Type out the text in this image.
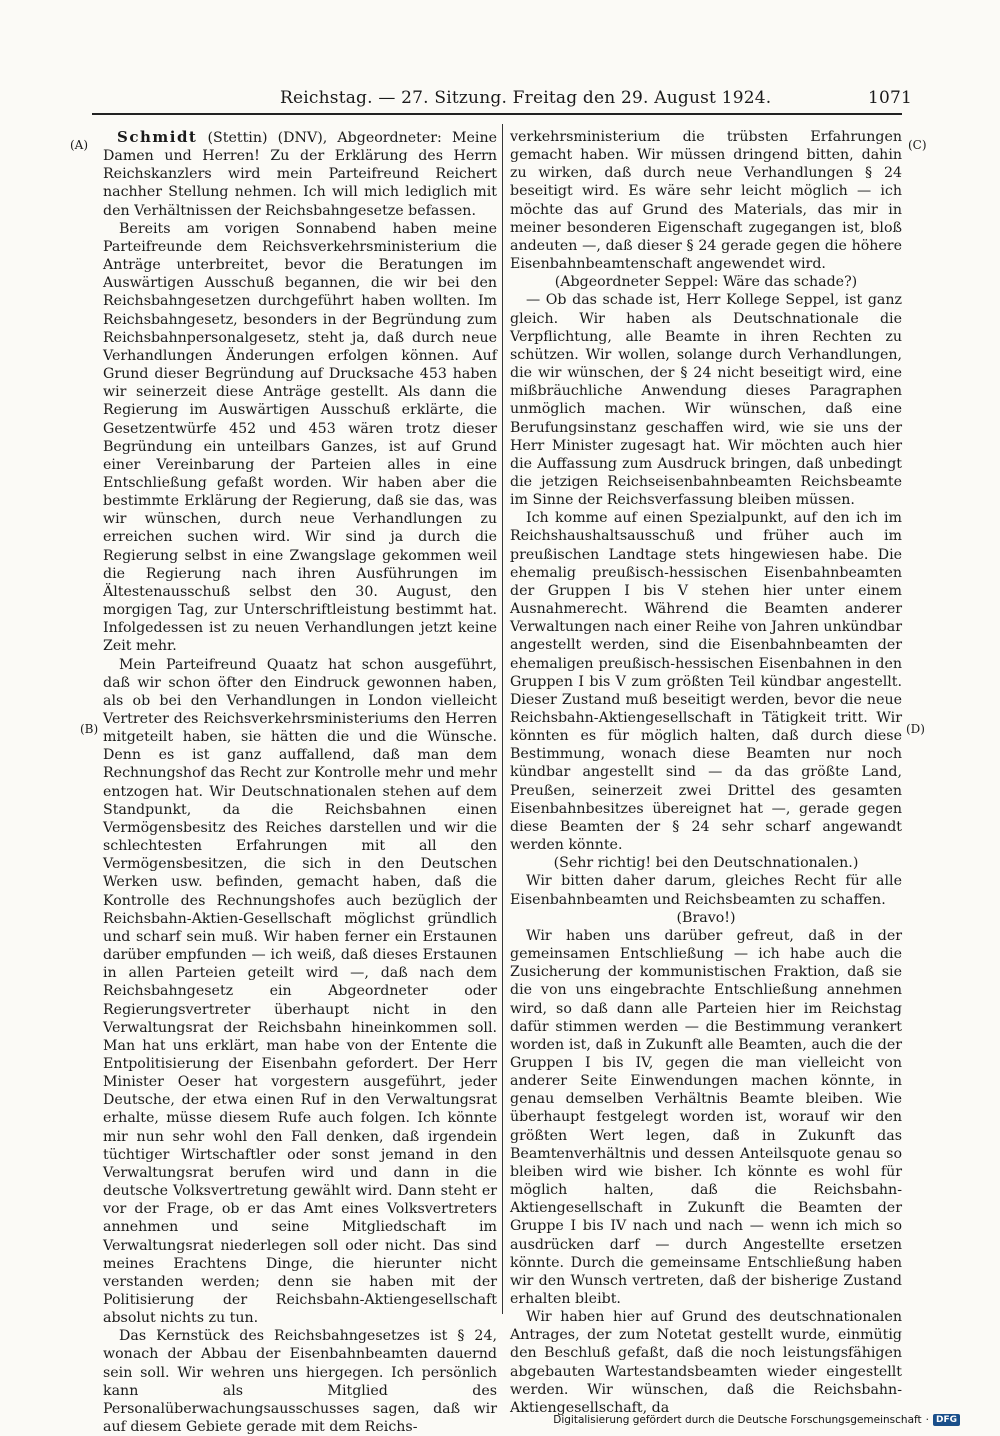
Reichstag. — 27. Sitzung. Freitag den 29. August 1924.	1071
(A)
(B)
(C)
(D)

Schmidt (Stettin) (DNV), Abgeordneter: Meine Damen und Herren! Zu der Erklärung des Herrn Reichskanzlers wird mein Parteifreund Reichert nachher Stellung nehmen. Ich will mich lediglich mit den Verhältnissen der Reichsbahngesetze befassen.

Bereits am vorigen Sonnabend haben meine Parteifreunde dem Reichsverkehrsministerium die Anträge unterbreitet, bevor die Beratungen im Auswärtigen Ausschuß begannen, die wir bei den Reichsbahngesetzen durchgeführt haben wollten. Im Reichsbahngesetz, besonders in der Begründung zum Reichsbahnpersonalgesetz, steht ja, daß durch neue Verhandlungen Änderungen erfolgen können. Auf Grund dieser Begründung auf Drucksache 453 haben wir seinerzeit diese Anträge gestellt. Als dann die Regierung im Auswärtigen Ausschuß erklärte, die Gesetzentwürfe 452 und 453 wären trotz dieser Begründung ein unteilbars Ganzes, ist auf Grund einer Vereinbarung der Parteien alles in eine Entschließung gefaßt worden. Wir haben aber die bestimmte Erklärung der Regierung, daß sie das, was wir wünschen, durch neue Verhandlungen zu erreichen suchen wird. Wir sind ja durch die Regierung selbst in eine Zwangslage gekommen weil die Regierung nach ihren Ausführungen im Ältestenausschuß selbst den 30. August, den morgigen Tag, zur Unterschriftleistung bestimmt hat. Infolgedessen ist zu neuen Verhandlungen jetzt keine Zeit mehr.

Mein Parteifreund Quaatz hat schon ausgeführt, daß wir schon öfter den Eindruck gewonnen haben, als ob bei den Verhandlungen in London vielleicht Vertreter des Reichsverkehrsministeriums den Herren mitgeteilt haben, sie hätten die und die Wünsche. Denn es ist ganz auffallend, daß man dem Rechnungshof das Recht zur Kontrolle mehr und mehr entzogen hat. Wir Deutschnationalen stehen auf dem Standpunkt, da die Reichsbahnen einen Vermögensbesitz des Reiches darstellen und wir die schlechtesten Erfahrungen mit all den Vermögensbesitzen, die sich in den Deutschen Werken usw. befinden, gemacht haben, daß die Kontrolle des Rechnungshofes auch bezüglich der Reichsbahn-Aktien-Gesellschaft möglichst gründlich und scharf sein muß. Wir haben ferner ein Erstaunen darüber empfunden — ich weiß, daß dieses Erstaunen in allen Parteien geteilt wird —, daß nach dem Reichsbahngesetz ein Abgeordneter oder Regierungsvertreter überhaupt nicht in den Verwaltungsrat der Reichsbahn hineinkommen soll. Man hat uns erklärt, man habe von der Entente die Entpolitisierung der Eisenbahn gefordert. Der Herr Minister Oeser hat vorgestern ausgeführt, jeder Deutsche, der etwa einen Ruf in den Verwaltungsrat erhalte, müsse diesem Rufe auch folgen. Ich könnte mir nun sehr wohl den Fall denken, daß irgendein tüchtiger Wirtschaftler oder sonst jemand in den Verwaltungsrat berufen wird und dann in die deutsche Volksvertretung gewählt wird. Dann steht er vor der Frage, ob er das Amt eines Volksvertreters annehmen und seine Mitgliedschaft im Verwaltungsrat niederlegen soll oder nicht. Das sind meines Erachtens Dinge, die hierunter nicht verstanden werden; denn sie haben mit der Politisierung der Reichsbahn-Aktiengesellschaft absolut nichts zu tun.

Das Kernstück des Reichsbahngesetzes ist § 24, wonach der Abbau der Eisenbahnbeamten dauernd sein soll. Wir wehren uns hiergegen. Ich persönlich kann als Mitglied des Personalüberwachungsausschusses sagen, daß wir auf diesem Gebiete gerade mit dem Reichs-

verkehrsministerium die trübsten Erfahrungen gemacht haben. Wir müssen dringend bitten, dahin zu wirken, daß durch neue Verhandlungen § 24 beseitigt wird. Es wäre sehr leicht möglich — ich möchte das auf Grund des Materials, das mir in meiner besonderen Eigenschaft zugegangen ist, bloß andeuten —, daß dieser § 24 gerade gegen die höhere Eisenbahnbeamtenschaft angewendet wird.

(Abgeordneter Seppel: Wäre das schade?)

— Ob das schade ist, Herr Kollege Seppel, ist ganz gleich. Wir haben als Deutschnationale die Verpflichtung, alle Beamte in ihren Rechten zu schützen. Wir wollen, solange durch Verhandlungen, die wir wünschen, der § 24 nicht beseitigt wird, eine mißbräuchliche Anwendung dieses Paragraphen unmöglich machen. Wir wünschen, daß eine Berufungsinstanz geschaffen wird, wie sie uns der Herr Minister zugesagt hat. Wir möchten auch hier die Auffassung zum Ausdruck bringen, daß unbedingt die jetzigen Reichseisenbahnbeamten Reichsbeamte im Sinne der Reichsverfassung bleiben müssen.

Ich komme auf einen Spezialpunkt, auf den ich im Reichshaushaltsausschuß und früher auch im preußischen Landtage stets hingewiesen habe. Die ehemalig preußisch-hessischen Eisenbahnbeamten der Gruppen I bis V stehen hier unter einem Ausnahmerecht. Während die Beamten anderer Verwaltungen nach einer Reihe von Jahren unkündbar angestellt werden, sind die Eisenbahnbeamten der ehemaligen preußisch-hessischen Eisenbahnen in den Gruppen I bis V zum größten Teil kündbar angestellt. Dieser Zustand muß beseitigt werden, bevor die neue Reichsbahn-Aktiengesellschaft in Tätigkeit tritt. Wir könnten es für möglich halten, daß durch diese Bestimmung, wonach diese Beamten nur noch kündbar angestellt sind — da das größte Land, Preußen, seinerzeit zwei Drittel des gesamten Eisenbahnbesitzes übereignet hat —, gerade gegen diese Beamten der § 24 sehr scharf angewandt werden könnte.

(Sehr richtig! bei den Deutschnationalen.)

Wir bitten daher darum, gleiches Recht für alle Eisenbahnbeamten und Reichsbeamten zu schaffen.

(Bravo!)

Wir haben uns darüber gefreut, daß in der gemeinsamen Entschließung — ich habe auch die Zusicherung der kommunistischen Fraktion, daß sie die von uns eingebrachte Entschließung annehmen wird, so daß dann alle Parteien hier im Reichstag dafür stimmen werden — die Bestimmung verankert worden ist, daß in Zukunft alle Beamten, auch die der Gruppen I bis IV, gegen die man vielleicht von anderer Seite Einwendungen machen könnte, in genau demselben Verhältnis Beamte bleiben. Wie überhaupt festgelegt worden ist, worauf wir den größten Wert legen, daß in Zukunft das Beamtenverhältnis und dessen Anteilsquote genau so bleiben wird wie bisher. Ich könnte es wohl für möglich halten, daß die Reichsbahn-Aktiengesellschaft in Zukunft die Beamten der Gruppe I bis IV nach und nach — wenn ich mich so ausdrücken darf — durch Angestellte ersetzen könnte. Durch die gemeinsame Entschließung haben wir den Wunsch vertreten, daß der bisherige Zustand erhalten bleibt.

Wir haben hier auf Grund des deutschnationalen Antrages, der zum Notetat gestellt wurde, einmütig den Beschluß gefaßt, daß die noch leistungsfähigen abgebauten Wartestandsbeamten wieder eingestellt werden. Wir wünschen, daß die Reichsbahn-Aktiengesellschaft, da

Digitalisierung gefördert durch die Deutsche Forschungsgemeinschaft · DFG
